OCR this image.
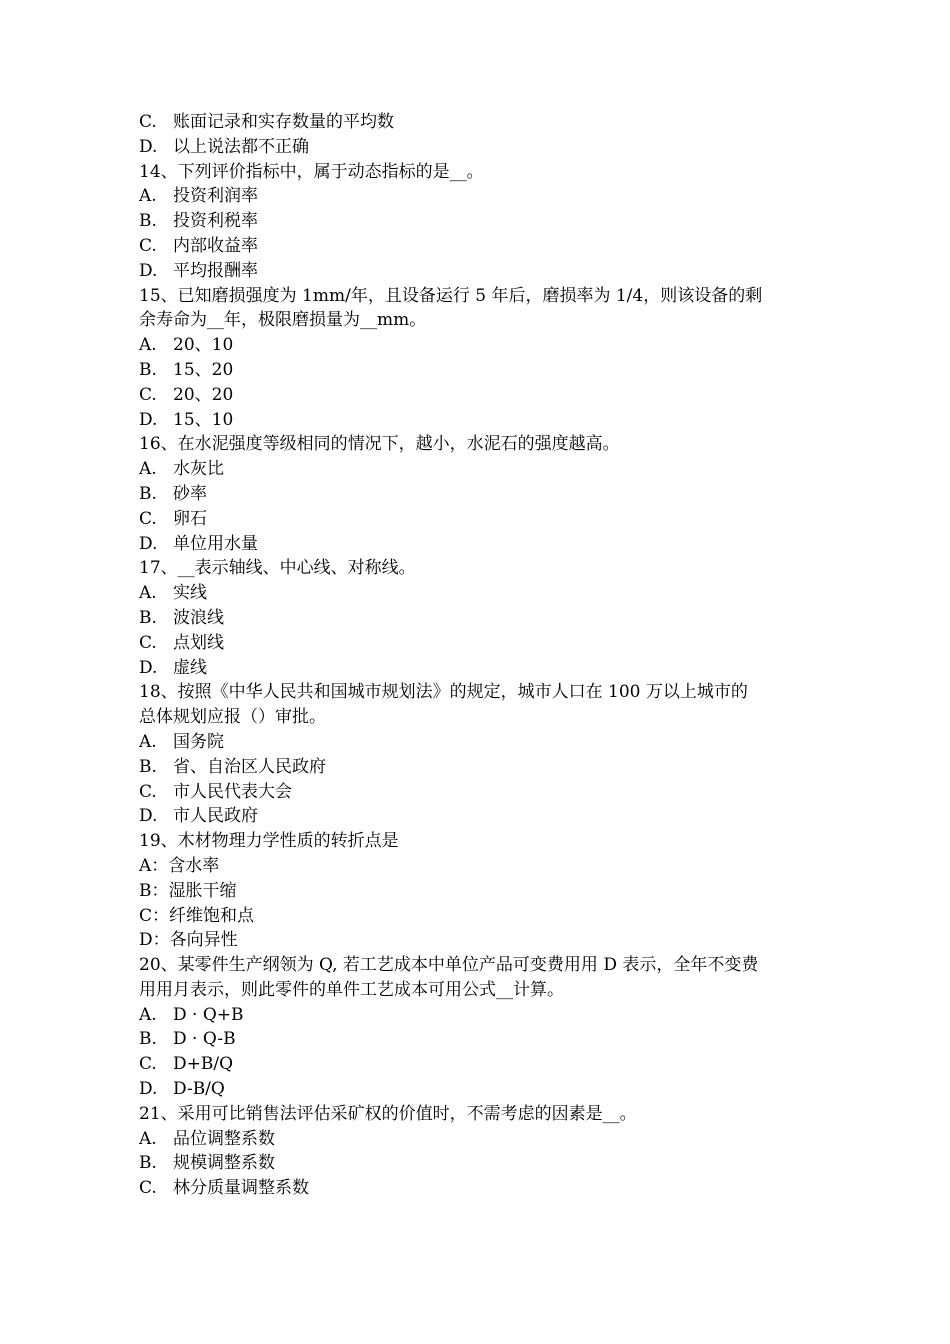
C. 账面记录和实存数量的平均数
D. 以上说法都不正确
14、下列评价指标中，属于动态指标的是__。
A. 投资利润率
B. 投资利税率
C. 内部收益率
D. 平均报酬率
15、已知磨损强度为 1mm/年，且设备运行 5 年后，磨损率为 1/4，则该设备的剩
余寿命为__年，极限磨损量为__mm。
A. 20、10
B. 15、20
C. 20、20
D. 15、10
16、在水泥强度等级相同的情况下，越小，水泥石的强度越高。
A. 水灰比
B. 砂率
C. 卵石
D. 单位用水量
17、__表示轴线、中心线、对称线。
A. 实线
B. 波浪线
C. 点划线
D. 虚线
18、按照《中华人民共和国城市规划法》的规定，城市人口在 100 万以上城市的
总体规划应报（）审批。
A. 国务院
B. 省、自治区人民政府
C. 市人民代表大会
D. 市人民政府
19、木材物理力学性质的转折点是
A： 含水率
B： 湿胀干缩
C： 纤维饱和点
D： 各向异性
20、某零件生产纲领为 Q, 若工艺成本中单位产品可变费用用 D 表示，全年不变费
用用月表示，则此零件的单件工艺成本可用公式__计算。
A. D · Q+B
B. D · Q-B
C. D+B/Q
D. D-B/Q
21、采用可比销售法评估采矿权的价值时，不需考虑的因素是__。
A. 品位调整系数
B. 规模调整系数
C. 林分质量调整系数
